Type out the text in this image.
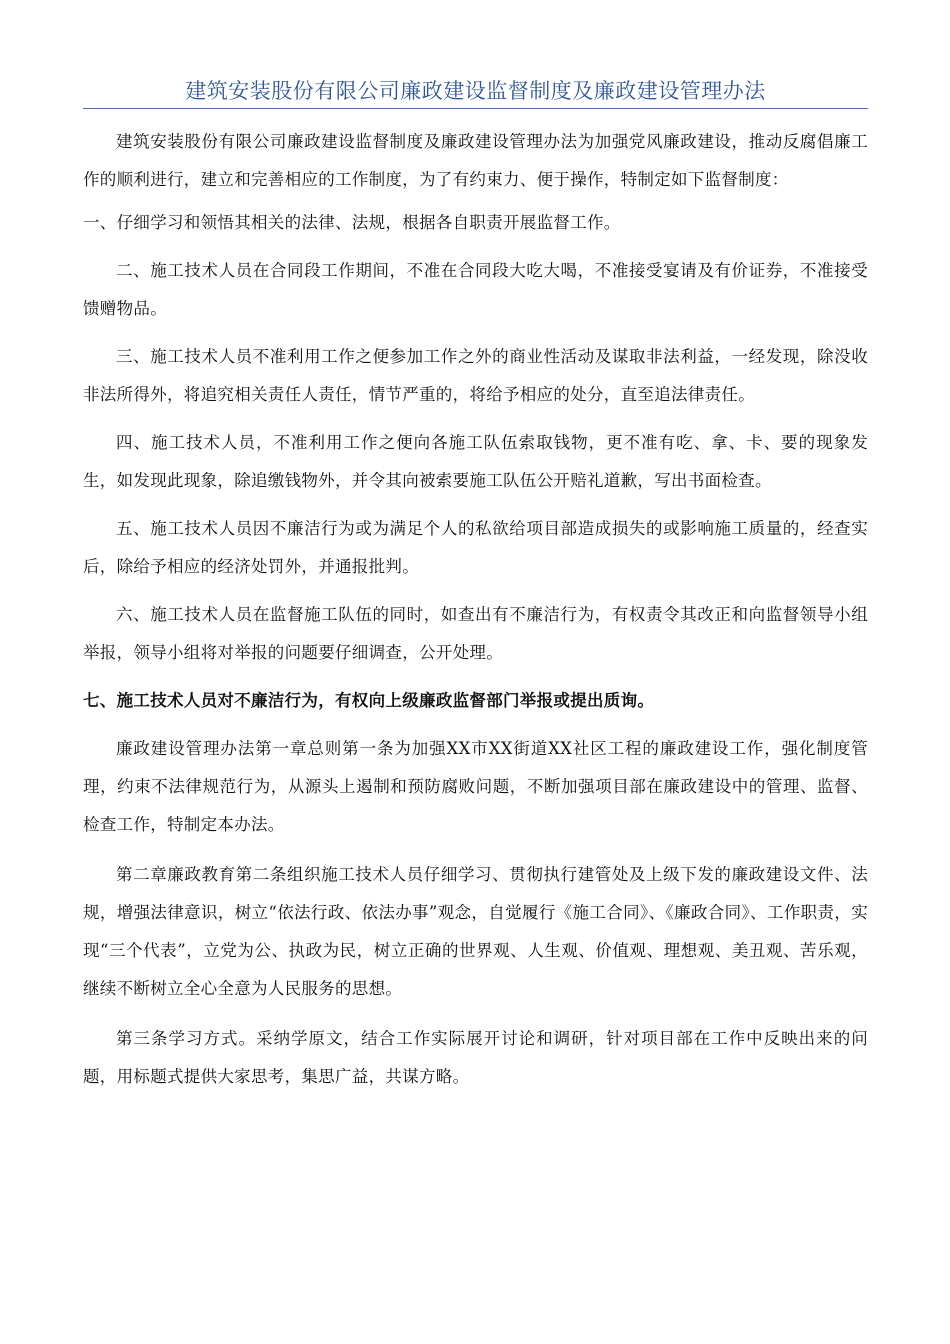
建筑安装股份有限公司廉政建设监督制度及廉政建设管理办法

建筑安装股份有限公司廉政建设监督制度及廉政建设管理办法为加强党风廉政建设，推动反腐倡廉工作的顺利进行，建立和完善相应的工作制度，为了有约束力、便于操作，特制定如下监督制度：

一、仔细学习和领悟其相关的法律、法规，根据各自职责开展监督工作。

二、施工技术人员在合同段工作期间，不准在合同段大吃大喝，不准接受宴请及有价证券，不准接受馈赠物品。

三、施工技术人员不准利用工作之便参加工作之外的商业性活动及谋取非法利益，一经发现，除没收非法所得外，将追究相关责任人责任，情节严重的，将给予相应的处分，直至追法律责任。

四、施工技术人员，不准利用工作之便向各施工队伍索取钱物，更不准有吃、拿、卡、要的现象发生，如发现此现象，除追缴钱物外，并令其向被索要施工队伍公开赔礼道歉，写出书面检查。

五、施工技术人员因不廉洁行为或为满足个人的私欲给项目部造成损失的或影响施工质量的，经查实后，除给予相应的经济处罚外，并通报批判。

六、施工技术人员在监督施工队伍的同时，如查出有不廉洁行为，有权责令其改正和向监督领导小组举报，领导小组将对举报的问题要仔细调查，公开处理。

七、施工技术人员对不廉洁行为，有权向上级廉政监督部门举报或提出质询。

廉政建设管理办法第一章总则第一条为加强XX市XX街道XX社区工程的廉政建设工作，强化制度管理，约束不法律规范行为，从源头上遏制和预防腐败问题，不断加强项目部在廉政建设中的管理、监督、检查工作，特制定本办法。

第二章廉政教育第二条组织施工技术人员仔细学习、贯彻执行建管处及上级下发的廉政建设文件、法规，增强法律意识，树立“依法行政、依法办事”观念，自觉履行《施工合同》、《廉政合同》、工作职责，实现“三个代表”，立党为公、执政为民，树立正确的世界观、人生观、价值观、理想观、美丑观、苦乐观，继续不断树立全心全意为人民服务的思想。

第三条学习方式。采纳学原文，结合工作实际展开讨论和调研，针对项目部在工作中反映出来的问题，用标题式提供大家思考，集思广益，共谋方略。
